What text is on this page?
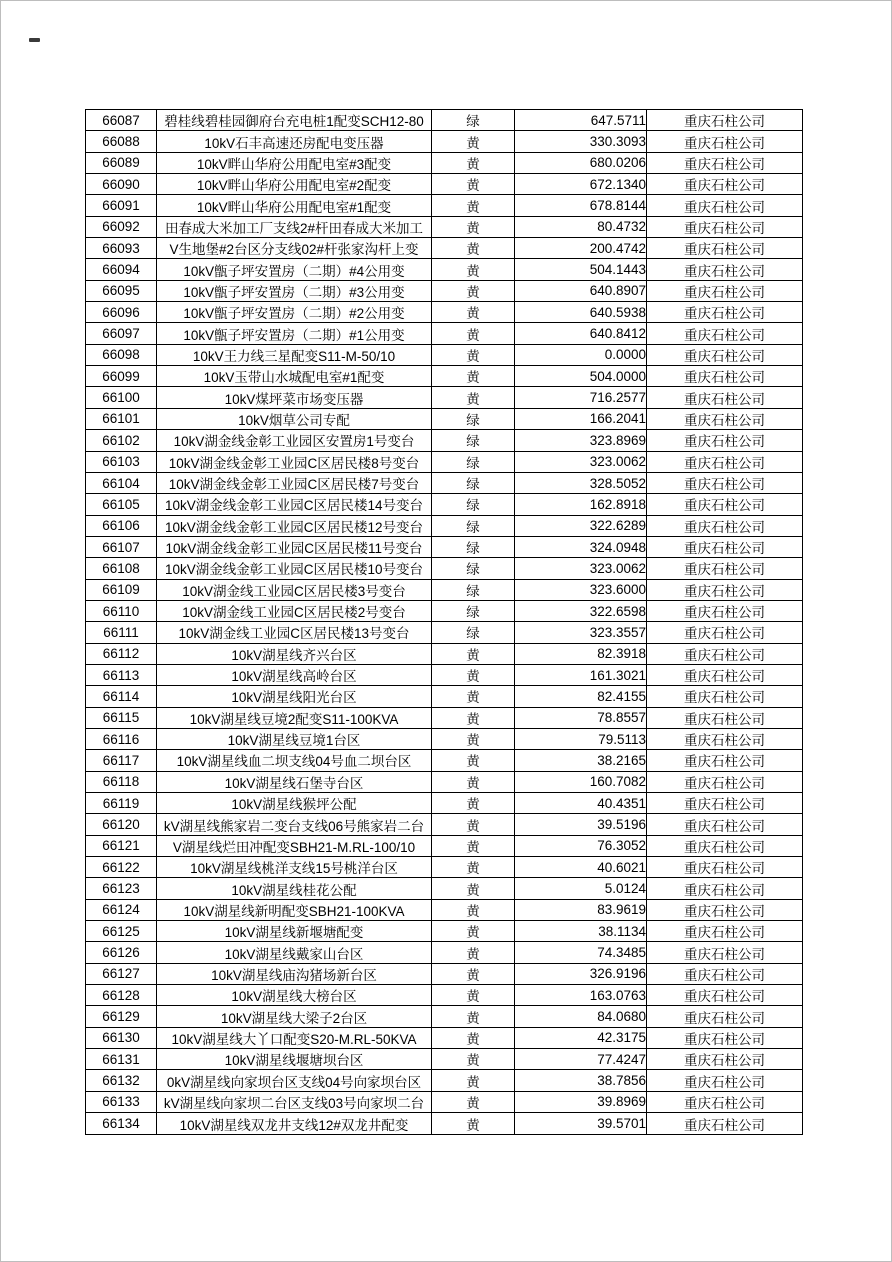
66087	碧桂线碧桂园御府台充电桩1配变SCH12-80	绿	647.5711	重庆石柱公司
66088	10kV石丰高速还房配电变压器	黄	330.3093	重庆石柱公司
66089	10kV畔山华府公用配电室#3配变	黄	680.0206	重庆石柱公司
66090	10kV畔山华府公用配电室#2配变	黄	672.1340	重庆石柱公司
66091	10kV畔山华府公用配电室#1配变	黄	678.8144	重庆石柱公司
66092	田春成大米加工厂支线2#杆田春成大米加工	黄	80.4732	重庆石柱公司
66093	V生地堡#2台区分支线02#杆张家沟杆上变	黄	200.4742	重庆石柱公司
66094	10kV甑子坪安置房（二期）#4公用变	黄	504.1443	重庆石柱公司
66095	10kV甑子坪安置房（二期）#3公用变	黄	640.8907	重庆石柱公司
66096	10kV甑子坪安置房（二期）#2公用变	黄	640.5938	重庆石柱公司
66097	10kV甑子坪安置房（二期）#1公用变	黄	640.8412	重庆石柱公司
66098	10kV王力线三星配变S11-M-50/10	黄	0.0000	重庆石柱公司
66099	10kV玉带山水城配电室#1配变	黄	504.0000	重庆石柱公司
66100	10kV煤坪菜市场变压器	黄	716.2577	重庆石柱公司
66101	10kV烟草公司专配	绿	166.2041	重庆石柱公司
66102	10kV湖金线金彰工业园区安置房1号变台	绿	323.8969	重庆石柱公司
66103	10kV湖金线金彰工业园C区居民楼8号变台	绿	323.0062	重庆石柱公司
66104	10kV湖金线金彰工业园C区居民楼7号变台	绿	328.5052	重庆石柱公司
66105	10kV湖金线金彰工业园C区居民楼14号变台	绿	162.8918	重庆石柱公司
66106	10kV湖金线金彰工业园C区居民楼12号变台	绿	322.6289	重庆石柱公司
66107	10kV湖金线金彰工业园C区居民楼11号变台	绿	324.0948	重庆石柱公司
66108	10kV湖金线金彰工业园C区居民楼10号变台	绿	323.0062	重庆石柱公司
66109	10kV湖金线工业园C区居民楼3号变台	绿	323.6000	重庆石柱公司
66110	10kV湖金线工业园C区居民楼2号变台	绿	322.6598	重庆石柱公司
66111	10kV湖金线工业园C区居民楼13号变台	绿	323.3557	重庆石柱公司
66112	10kV湖星线齐兴台区	黄	82.3918	重庆石柱公司
66113	10kV湖星线高岭台区	黄	161.3021	重庆石柱公司
66114	10kV湖星线阳光台区	黄	82.4155	重庆石柱公司
66115	10kV湖星线豆境2配变S11-100KVA	黄	78.8557	重庆石柱公司
66116	10kV湖星线豆境1台区	黄	79.5113	重庆石柱公司
66117	10kV湖星线血二坝支线04号血二坝台区	黄	38.2165	重庆石柱公司
66118	10kV湖星线石堡寺台区	黄	160.7082	重庆石柱公司
66119	10kV湖星线猴坪公配	黄	40.4351	重庆石柱公司
66120	kV湖星线熊家岩二变台支线06号熊家岩二台	黄	39.5196	重庆石柱公司
66121	V湖星线烂田冲配变SBH21-M.RL-100/10	黄	76.3052	重庆石柱公司
66122	10kV湖星线桃洋支线15号桃洋台区	黄	40.6021	重庆石柱公司
66123	10kV湖星线桂花公配	黄	5.0124	重庆石柱公司
66124	10kV湖星线新明配变SBH21-100KVA	黄	83.9619	重庆石柱公司
66125	10kV湖星线新堰塘配变	黄	38.1134	重庆石柱公司
66126	10kV湖星线戴家山台区	黄	74.3485	重庆石柱公司
66127	10kV湖星线庙沟猪场新台区	黄	326.9196	重庆石柱公司
66128	10kV湖星线大榜台区	黄	163.0763	重庆石柱公司
66129	10kV湖星线大梁子2台区	黄	84.0680	重庆石柱公司
66130	10kV湖星线大丫口配变S20-M.RL-50KVA	黄	42.3175	重庆石柱公司
66131	10kV湖星线堰塘坝台区	黄	77.4247	重庆石柱公司
66132	0kV湖星线向家坝台区支线04号向家坝台区	黄	38.7856	重庆石柱公司
66133	kV湖星线向家坝二台区支线03号向家坝二台	黄	39.8969	重庆石柱公司
66134	10kV湖星线双龙井支线12#双龙井配变	黄	39.5701	重庆石柱公司
